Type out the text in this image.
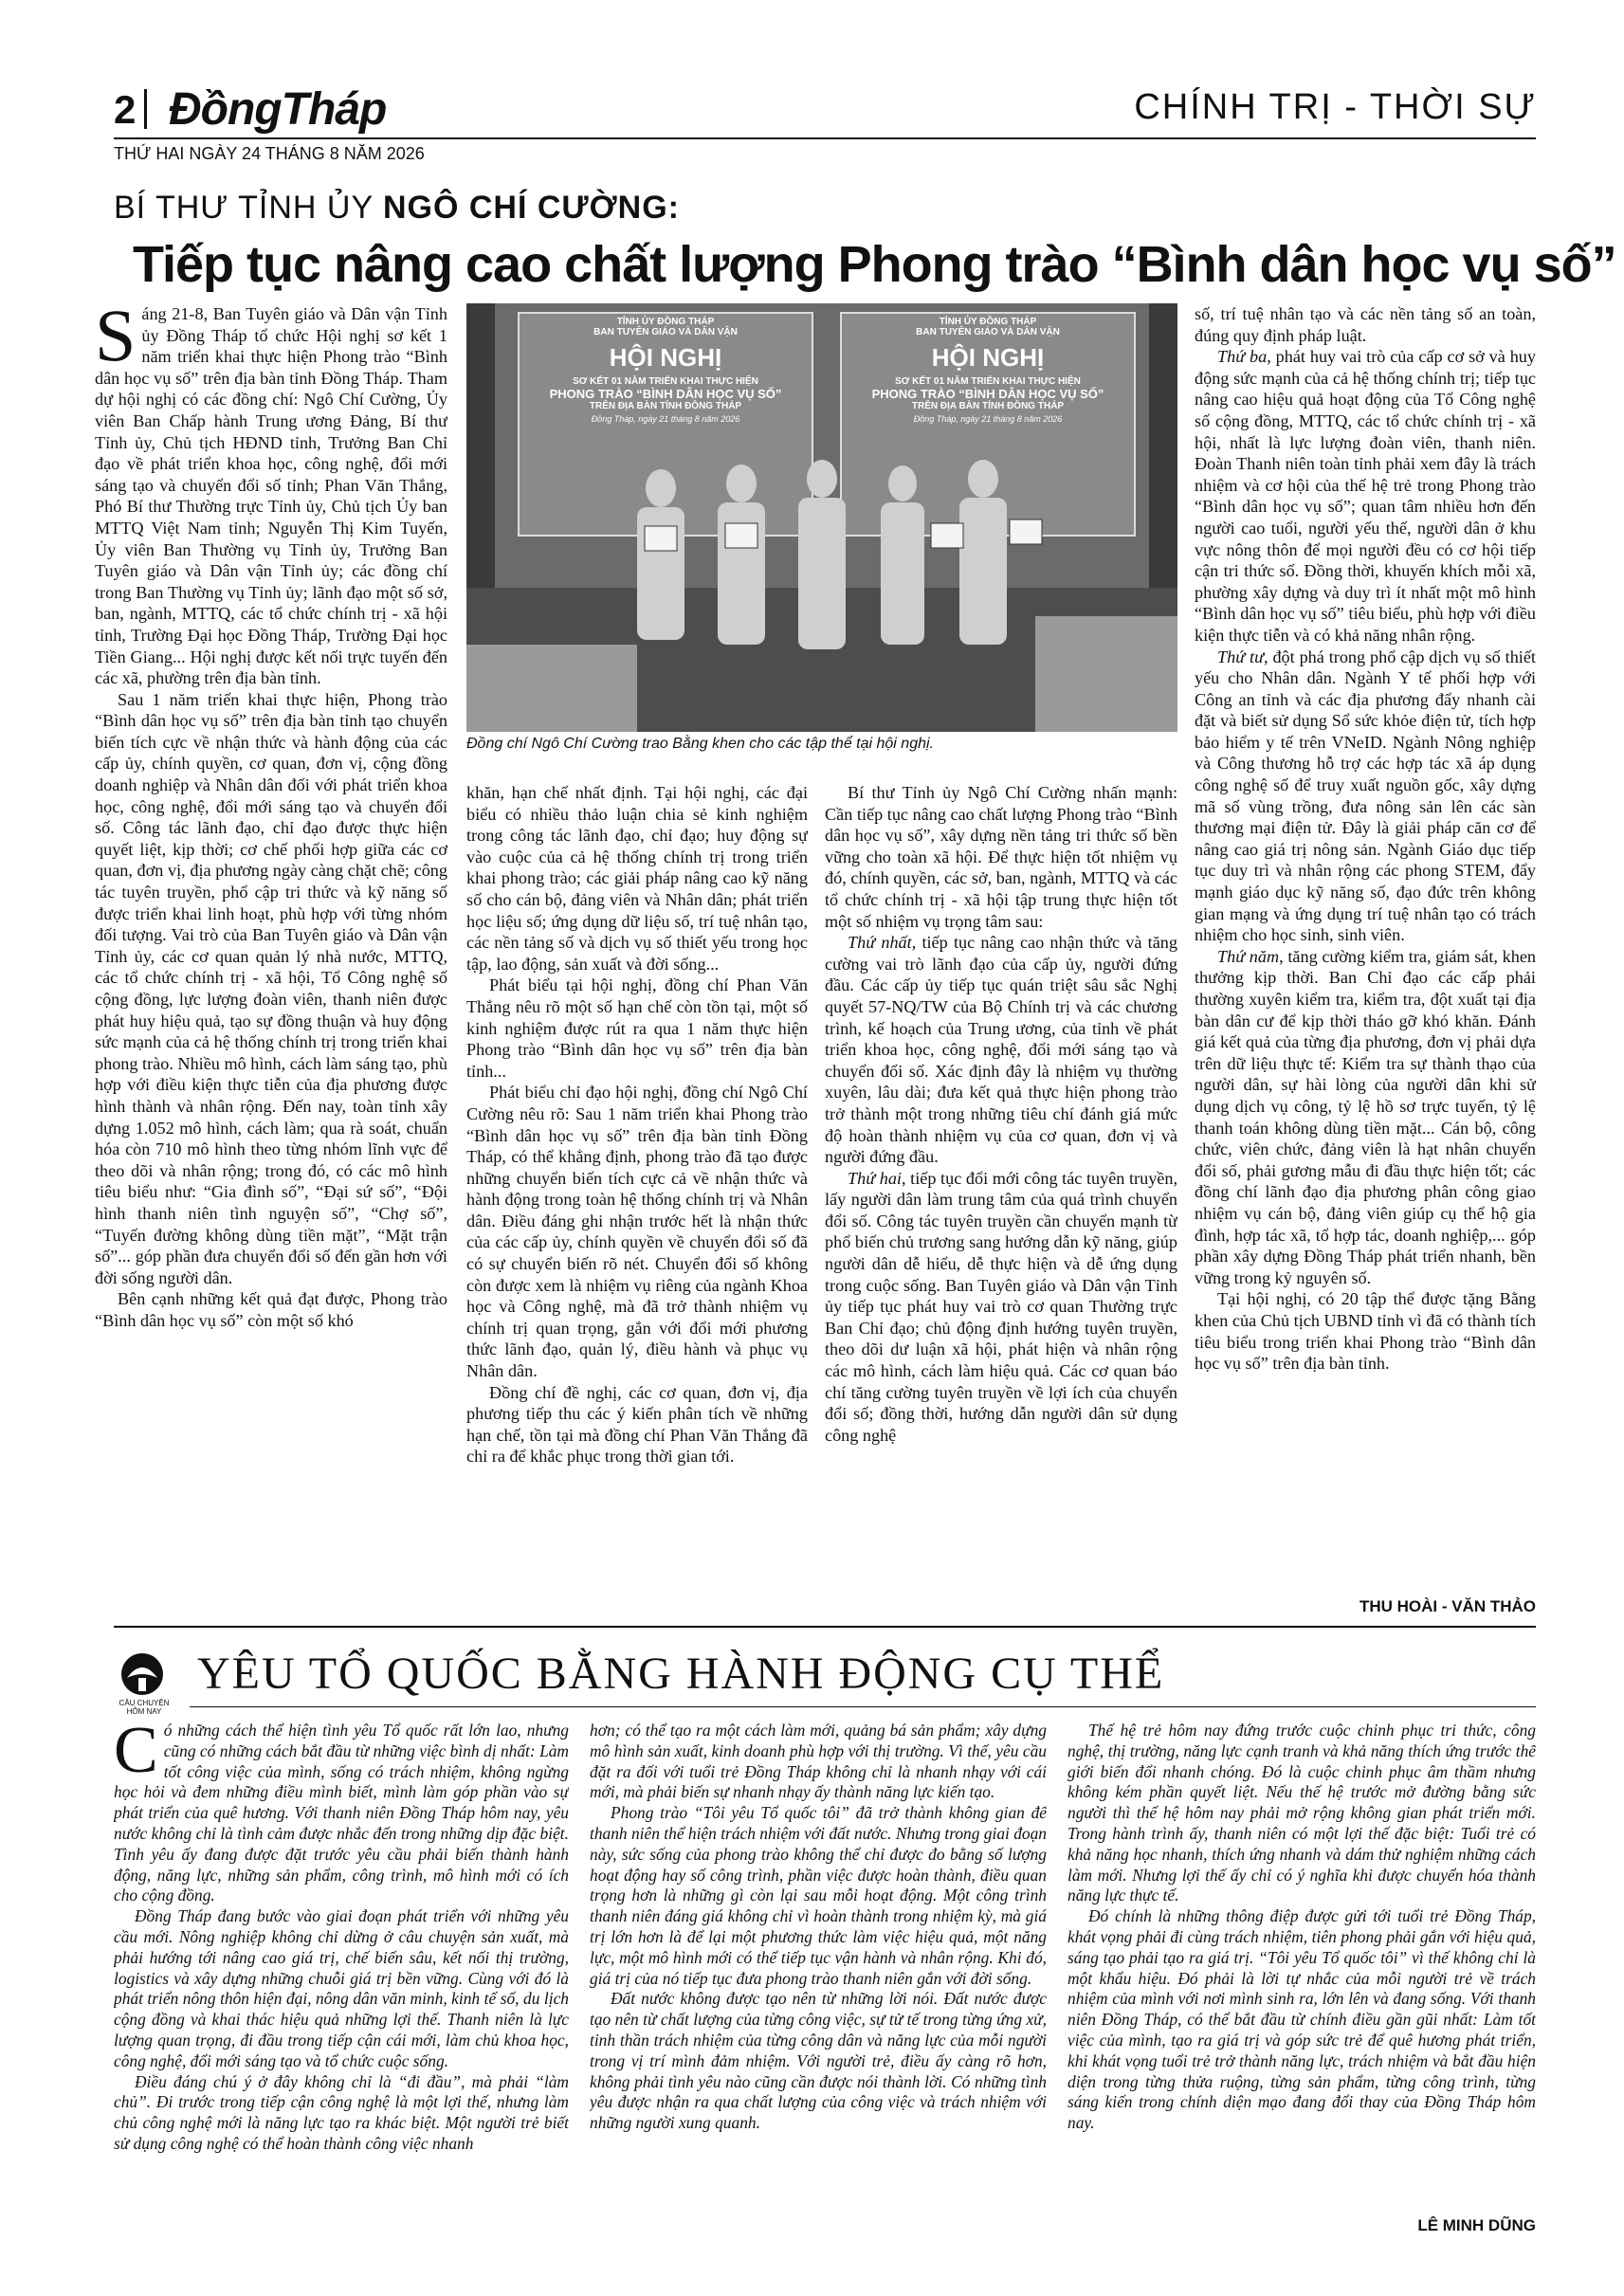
2 ĐồngTháp	CHÍNH TRỊ - THỜI SỰ
THỨ HAI NGÀY 24 THÁNG 8 NĂM 2026
BÍ THƯ TỈNH ỦY NGÔ CHÍ CƯỜNG:
Tiếp tục nâng cao chất lượng Phong trào “Bình dân học vụ số”

Sáng 21-8, Ban Tuyên giáo và Dân vận Tỉnh ủy Đồng Tháp tổ chức Hội nghị sơ kết 1 năm triển khai thực hiện Phong trào “Bình dân học vụ số” trên địa bàn tỉnh Đồng Tháp. Tham dự hội nghị có các đồng chí: Ngô Chí Cường, Ủy viên Ban Chấp hành Trung ương Đảng, Bí thư Tỉnh ủy, Chủ tịch HĐND tỉnh, Trưởng Ban Chỉ đạo về phát triển khoa học, công nghệ, đổi mới sáng tạo và chuyển đổi số tỉnh; Phan Văn Thắng, Phó Bí thư Thường trực Tỉnh ủy, Chủ tịch Ủy ban MTTQ Việt Nam tỉnh; Nguyễn Thị Kim Tuyến, Ủy viên Ban Thường vụ Tỉnh ủy, Trưởng Ban Tuyên giáo và Dân vận Tỉnh ủy; các đồng chí trong Ban Thường vụ Tỉnh ủy; lãnh đạo một số sở, ban, ngành, MTTQ, các tổ chức chính trị - xã hội tỉnh, Trường Đại học Đồng Tháp, Trường Đại học Tiền Giang... Hội nghị được kết nối trực tuyến đến các xã, phường trên địa bàn tỉnh.

Sau 1 năm triển khai thực hiện, Phong trào “Bình dân học vụ số” trên địa bàn tỉnh tạo chuyển biến tích cực về nhận thức và hành động của các cấp ủy, chính quyền, cơ quan, đơn vị, cộng đồng doanh nghiệp và Nhân dân đối với phát triển khoa học, công nghệ, đổi mới sáng tạo và chuyển đổi số. Công tác lãnh đạo, chỉ đạo được thực hiện quyết liệt, kịp thời; cơ chế phối hợp giữa các cơ quan, đơn vị, địa phương ngày càng chặt chẽ; công tác tuyên truyền, phổ cập tri thức và kỹ năng số được triển khai linh hoạt, phù hợp với từng nhóm đối tượng. Vai trò của Ban Tuyên giáo và Dân vận Tỉnh ủy, các cơ quan quản lý nhà nước, MTTQ, các tổ chức chính trị - xã hội, Tổ Công nghệ số cộng đồng, lực lượng đoàn viên, thanh niên được phát huy hiệu quả, tạo sự đồng thuận và huy động sức mạnh của cả hệ thống chính trị trong triển khai phong trào. Nhiều mô hình, cách làm sáng tạo, phù hợp với điều kiện thực tiễn của địa phương được hình thành và nhân rộng. Đến nay, toàn tỉnh xây dựng 1.052 mô hình, cách làm; qua rà soát, chuẩn hóa còn 710 mô hình theo từng nhóm lĩnh vực để theo dõi và nhân rộng; trong đó, có các mô hình tiêu biểu như: “Gia đình số”, “Đại sứ số”, “Đội hình thanh niên tình nguyện số”, “Chợ số”, “Tuyến đường không dùng tiền mặt”, “Mặt trận số”... góp phần đưa chuyển đổi số đến gần hơn với đời sống người dân.

Bên cạnh những kết quả đạt được, Phong trào “Bình dân học vụ số” còn một số khó

TỈNH ỦY ĐỒNG THÁP
BAN TUYÊN GIÁO VÀ DÂN VẬN
HỘI NGHỊ
SƠ KẾT 01 NĂM TRIỂN KHAI THỰC HIỆN
PHONG TRÀO “BÌNH DÂN HỌC VỤ SỐ”
TRÊN ĐỊA BÀN TỈNH ĐỒNG THÁP
Đồng Tháp, ngày 21 tháng 8 năm 2026
TỈNH ỦY ĐỒNG THÁP
BAN TUYÊN GIÁO VÀ DÂN VẬN
HỘI NGHỊ
SƠ KẾT 01 NĂM TRIỂN KHAI THỰC HIỆN
PHONG TRÀO “BÌNH DÂN HỌC VỤ SỐ”
TRÊN ĐỊA BÀN TỈNH ĐỒNG THÁP
Đồng Tháp, ngày 21 tháng 8 năm 2026
Đồng chí Ngô Chí Cường trao Bằng khen cho các tập thể tại hội nghị.

khăn, hạn chế nhất định. Tại hội nghị, các đại biểu có nhiều thảo luận chia sẻ kinh nghiệm trong công tác lãnh đạo, chỉ đạo; huy động sự vào cuộc của cả hệ thống chính trị trong triển khai phong trào; các giải pháp nâng cao kỹ năng số cho cán bộ, đảng viên và Nhân dân; phát triển học liệu số; ứng dụng dữ liệu số, trí tuệ nhân tạo, các nền tảng số và dịch vụ số thiết yếu trong học tập, lao động, sản xuất và đời sống...

Phát biểu tại hội nghị, đồng chí Phan Văn Thắng nêu rõ một số hạn chế còn tồn tại, một số kinh nghiệm được rút ra qua 1 năm thực hiện Phong trào “Bình dân học vụ số” trên địa bàn tỉnh...

Phát biểu chỉ đạo hội nghị, đồng chí Ngô Chí Cường nêu rõ: Sau 1 năm triển khai Phong trào “Bình dân học vụ số” trên địa bàn tỉnh Đồng Tháp, có thể khẳng định, phong trào đã tạo được những chuyển biến tích cực cả về nhận thức và hành động trong toàn hệ thống chính trị và Nhân dân. Điều đáng ghi nhận trước hết là nhận thức của các cấp ủy, chính quyền về chuyển đổi số đã có sự chuyển biến rõ nét. Chuyển đổi số không còn được xem là nhiệm vụ riêng của ngành Khoa học và Công nghệ, mà đã trở thành nhiệm vụ chính trị quan trọng, gắn với đổi mới phương thức lãnh đạo, quản lý, điều hành và phục vụ Nhân dân.

Đồng chí đề nghị, các cơ quan, đơn vị, địa phương tiếp thu các ý kiến phân tích về những hạn chế, tồn tại mà đồng chí Phan Văn Thắng đã chỉ ra để khắc phục trong thời gian tới.

Bí thư Tỉnh ủy Ngô Chí Cường nhấn mạnh: Cần tiếp tục nâng cao chất lượng Phong trào “Bình dân học vụ số”, xây dựng nền tảng tri thức số bền vững cho toàn xã hội. Để thực hiện tốt nhiệm vụ đó, chính quyền, các sở, ban, ngành, MTTQ và các tổ chức chính trị - xã hội tập trung thực hiện tốt một số nhiệm vụ trọng tâm sau:

Thứ nhất, tiếp tục nâng cao nhận thức và tăng cường vai trò lãnh đạo của cấp ủy, người đứng đầu. Các cấp ủy tiếp tục quán triệt sâu sắc Nghị quyết 57-NQ/TW của Bộ Chính trị và các chương trình, kế hoạch của Trung ương, của tỉnh về phát triển khoa học, công nghệ, đổi mới sáng tạo và chuyển đổi số. Xác định đây là nhiệm vụ thường xuyên, lâu dài; đưa kết quả thực hiện phong trào trở thành một trong những tiêu chí đánh giá mức độ hoàn thành nhiệm vụ của cơ quan, đơn vị và người đứng đầu.

Thứ hai, tiếp tục đổi mới công tác tuyên truyền, lấy người dân làm trung tâm của quá trình chuyển đổi số. Công tác tuyên truyền cần chuyển mạnh từ phổ biến chủ trương sang hướng dẫn kỹ năng, giúp người dân dễ hiểu, dễ thực hiện và dễ ứng dụng trong cuộc sống. Ban Tuyên giáo và Dân vận Tỉnh ủy tiếp tục phát huy vai trò cơ quan Thường trực Ban Chỉ đạo; chủ động định hướng tuyên truyền, theo dõi dư luận xã hội, phát hiện và nhân rộng các mô hình, cách làm hiệu quả. Các cơ quan báo chí tăng cường tuyên truyền về lợi ích của chuyển đổi số; đồng thời, hướng dẫn người dân sử dụng công nghệ

số, trí tuệ nhân tạo và các nền tảng số an toàn, đúng quy định pháp luật.

Thứ ba, phát huy vai trò của cấp cơ sở và huy động sức mạnh của cả hệ thống chính trị; tiếp tục nâng cao hiệu quả hoạt động của Tổ Công nghệ số cộng đồng, MTTQ, các tổ chức chính trị - xã hội, nhất là lực lượng đoàn viên, thanh niên. Đoàn Thanh niên toàn tỉnh phải xem đây là trách nhiệm và cơ hội của thế hệ trẻ trong Phong trào “Bình dân học vụ số”; quan tâm nhiều hơn đến người cao tuổi, người yếu thế, người dân ở khu vực nông thôn để mọi người đều có cơ hội tiếp cận tri thức số. Đồng thời, khuyến khích mỗi xã, phường xây dựng và duy trì ít nhất một mô hình “Bình dân học vụ số” tiêu biểu, phù hợp với điều kiện thực tiễn và có khả năng nhân rộng.

Thứ tư, đột phá trong phổ cập dịch vụ số thiết yếu cho Nhân dân. Ngành Y tế phối hợp với Công an tỉnh và các địa phương đẩy nhanh cài đặt và biết sử dụng Sổ sức khỏe điện tử, tích hợp bảo hiểm y tế trên VNeID. Ngành Nông nghiệp và Công thương hỗ trợ các hợp tác xã áp dụng công nghệ số để truy xuất nguồn gốc, xây dựng mã số vùng trồng, đưa nông sản lên các sàn thương mại điện tử. Đây là giải pháp căn cơ để nâng cao giá trị nông sản. Ngành Giáo dục tiếp tục duy trì và nhân rộng các phong STEM, đẩy mạnh giáo dục kỹ năng số, đạo đức trên không gian mạng và ứng dụng trí tuệ nhân tạo có trách nhiệm cho học sinh, sinh viên.

Thứ năm, tăng cường kiểm tra, giám sát, khen thưởng kịp thời. Ban Chỉ đạo các cấp phải thường xuyên kiểm tra, kiểm tra, đột xuất tại địa bàn dân cư để kịp thời tháo gỡ khó khăn. Đánh giá kết quả của từng địa phương, đơn vị phải dựa trên dữ liệu thực tế: Kiểm tra sự thành thạo của người dân, sự hài lòng của người dân khi sử dụng dịch vụ công, tỷ lệ hồ sơ trực tuyến, tỷ lệ thanh toán không dùng tiền mặt... Cán bộ, công chức, viên chức, đảng viên là hạt nhân chuyển đổi số, phải gương mẫu đi đầu thực hiện tốt; các đồng chí lãnh đạo địa phương phân công giao nhiệm vụ cán bộ, đảng viên giúp cụ thể hộ gia đình, hợp tác xã, tổ hợp tác, doanh nghiệp,... góp phần xây dựng Đồng Tháp phát triển nhanh, bền vững trong kỷ nguyên số.

Tại hội nghị, có 20 tập thể được tặng Bằng khen của Chủ tịch UBND tỉnh vì đã có thành tích tiêu biểu trong triển khai Phong trào “Bình dân học vụ số” trên địa bàn tỉnh.

THU HOÀI - VĂN THẢO
CÂU CHUYỆN HÔM NAY
YÊU TỔ QUỐC BẰNG HÀNH ĐỘNG CỤ THỂ

Có những cách thể hiện tình yêu Tổ quốc rất lớn lao, nhưng cũng có những cách bắt đầu từ những việc bình dị nhất: Làm tốt công việc của mình, sống có trách nhiệm, không ngừng học hỏi và đem những điều mình biết, mình làm góp phần vào sự phát triển của quê hương. Với thanh niên Đồng Tháp hôm nay, yêu nước không chỉ là tình cảm được nhắc đến trong những dịp đặc biệt. Tình yêu ấy đang được đặt trước yêu cầu phải biến thành hành động, năng lực, những sản phẩm, công trình, mô hình mới có ích cho cộng đồng.

Đồng Tháp đang bước vào giai đoạn phát triển với những yêu cầu mới. Nông nghiệp không chỉ dừng ở câu chuyện sản xuất, mà phải hướng tới nâng cao giá trị, chế biến sâu, kết nối thị trường, logistics và xây dựng những chuỗi giá trị bền vững. Cùng với đó là phát triển nông thôn hiện đại, nông dân văn minh, kinh tế số, du lịch cộng đồng và khai thác hiệu quả những lợi thế. Thanh niên là lực lượng quan trọng, đi đầu trong tiếp cận cái mới, làm chủ khoa học, công nghệ, đổi mới sáng tạo và tổ chức cuộc sống.

Điều đáng chú ý ở đây không chỉ là “đi đầu”, mà phải “làm chủ”. Đi trước trong tiếp cận công nghệ là một lợi thế, nhưng làm chủ công nghệ mới là năng lực tạo ra khác biệt. Một người trẻ biết sử dụng công nghệ có thể hoàn thành công việc nhanh

hơn; có thể tạo ra một cách làm mới, quảng bá sản phẩm; xây dựng mô hình sản xuất, kinh doanh phù hợp với thị trường. Vì thế, yêu cầu đặt ra đối với tuổi trẻ Đồng Tháp không chỉ là nhanh nhạy với cái mới, mà phải biến sự nhanh nhạy ấy thành năng lực kiến tạo.

Phong trào “Tôi yêu Tổ quốc tôi” đã trở thành không gian để thanh niên thể hiện trách nhiệm với đất nước. Nhưng trong giai đoạn này, sức sống của phong trào không thể chỉ được đo bằng số lượng hoạt động hay số công trình, phần việc được hoàn thành, điều quan trọng hơn là những gì còn lại sau mỗi hoạt động. Một công trình thanh niên đáng giá không chỉ vì hoàn thành trong nhiệm kỳ, mà giá trị lớn hơn là để lại một phương thức làm việc hiệu quả, một năng lực, một mô hình mới có thể tiếp tục vận hành và nhân rộng. Khi đó, giá trị của nó tiếp tục đưa phong trào thanh niên gắn với đời sống.

Đất nước không được tạo nên từ những lời nói. Đất nước được tạo nên từ chất lượng của từng công việc, sự tử tế trong từng ứng xử, tinh thần trách nhiệm của từng công dân và năng lực của mỗi người trong vị trí mình đảm nhiệm. Với người trẻ, điều ấy càng rõ hơn, không phải tình yêu nào cũng cần được nói thành lời. Có những tình yêu được nhận ra qua chất lượng của công việc và trách nhiệm với những người xung quanh.

Thế hệ trẻ hôm nay đứng trước cuộc chinh phục tri thức, công nghệ, thị trường, năng lực cạnh tranh và khả năng thích ứng trước thế giới biến đổi nhanh chóng. Đó là cuộc chinh phục âm thầm nhưng không kém phần quyết liệt. Nếu thế hệ trước mở đường bằng sức người thì thế hệ hôm nay phải mở rộng không gian phát triển mới. Trong hành trình ấy, thanh niên có một lợi thế đặc biệt: Tuổi trẻ có khả năng học nhanh, thích ứng nhanh và dám thử nghiệm những cách làm mới. Nhưng lợi thế ấy chỉ có ý nghĩa khi được chuyển hóa thành năng lực thực tế.

Đó chính là những thông điệp được gửi tới tuổi trẻ Đồng Tháp, khát vọng phải đi cùng trách nhiệm, tiên phong phải gắn với hiệu quả, sáng tạo phải tạo ra giá trị. “Tôi yêu Tổ quốc tôi” vì thế không chỉ là một khẩu hiệu. Đó phải là lời tự nhắc của mỗi người trẻ về trách nhiệm của mình với nơi mình sinh ra, lớn lên và đang sống. Với thanh niên Đồng Tháp, có thể bắt đầu từ chính điều gần gũi nhất: Làm tốt việc của mình, tạo ra giá trị và góp sức trẻ để quê hương phát triển, khi khát vọng tuổi trẻ trở thành năng lực, trách nhiệm và bắt đầu hiện diện trong từng thửa ruộng, từng sản phẩm, từng công trình, từng sáng kiến trong chính diện mạo đang đổi thay của Đồng Tháp hôm nay.

LÊ MINH DŨNG
